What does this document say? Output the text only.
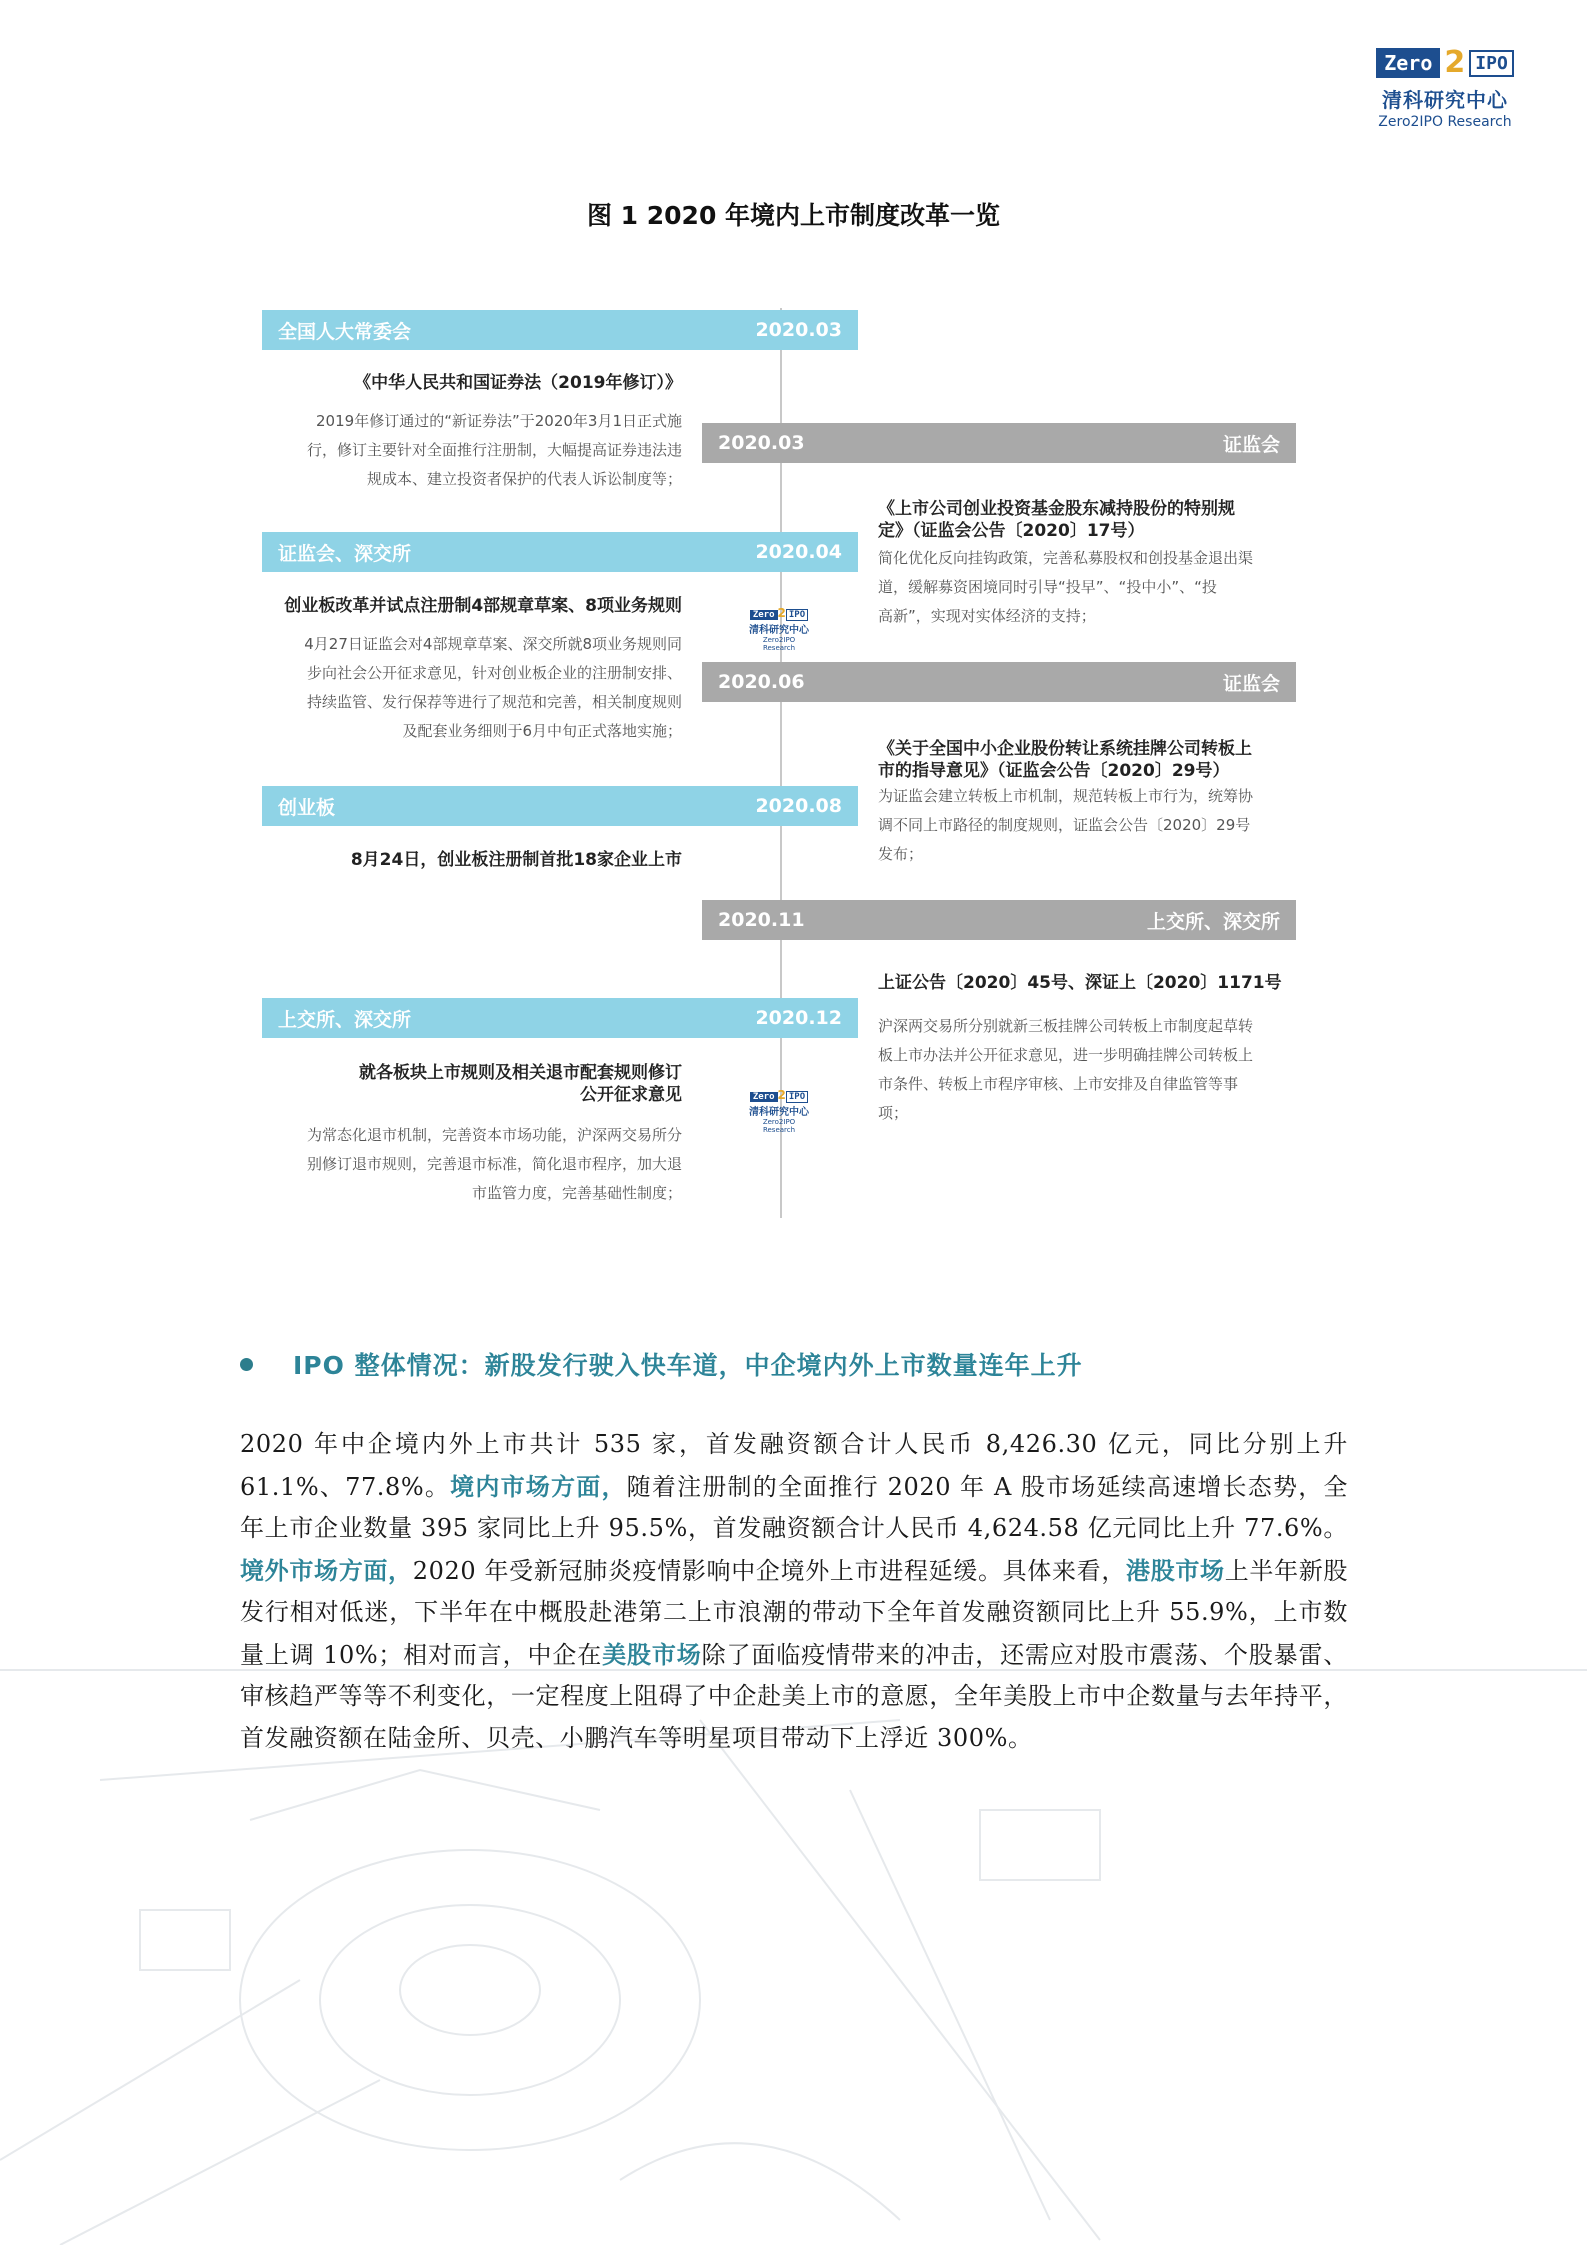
Zero 2 IPO
清科研究中心
Zero2IPO Research
图 1 2020 年境内上市制度改革一览
全国人大常委会	2020.03
《中华人民共和国证券法（2019年修订）》
2019年修订通过的“新证券法”于2020年3月1日正式施
行，修订主要针对全面推行注册制，大幅提高证券违法违
规成本、建立投资者保护的代表人诉讼制度等；
2020.03	证监会
《上市公司创业投资基金股东减持股份的特别规
定》（证监会公告〔2020〕17号）
简化优化反向挂钩政策，完善私募股权和创投基金退出渠
道，缓解募资困境同时引导“投早”、“投中小”、“投
高新”，实现对实体经济的支持；
证监会、深交所	2020.04
创业板改革并试点注册制4部规章草案、8项业务规则
4月27日证监会对4部规章草案、深交所就8项业务规则同
步向社会公开征求意见，针对创业板企业的注册制安排、
持续监管、发行保荐等进行了规范和完善，相关制度规则
及配套业务细则于6月中旬正式落地实施；
Zero 2 IPO
清科研究中心
Zero2IPO Research
2020.06	证监会
《关于全国中小企业股份转让系统挂牌公司转板上
市的指导意见》（证监会公告〔2020〕29号）
为证监会建立转板上市机制，规范转板上市行为，统筹协
调不同上市路径的制度规则，证监会公告〔2020〕29号
发布；
创业板	2020.08
8月24日，创业板注册制首批18家企业上市
2020.11	上交所、深交所
上证公告〔2020〕45号、深证上〔2020〕1171号
沪深两交易所分别就新三板挂牌公司转板上市制度起草转
板上市办法并公开征求意见，进一步明确挂牌公司转板上
市条件、转板上市程序审核、上市安排及自律监管等事
项；
上交所、深交所	2020.12
就各板块上市规则及相关退市配套规则修订
公开征求意见
为常态化退市机制，完善资本市场功能，沪深两交易所分
别修订退市规则，完善退市标准，简化退市程序，加大退
市监管力度，完善基础性制度；
Zero 2 IPO
清科研究中心
Zero2IPO Research
IPO 整体情况：新股发行驶入快车道，中企境内外上市数量连年上升
2020 年中企境内外上市共计 535 家，首发融资额合计人民币 8,426.30 亿元，同比分别上升 61.1%、77.8%。境内市场方面，随着注册制的全面推行 2020 年 A 股市场延续高速增长态势，全年上市企业数量 395 家同比上升 95.5%，首发融资额合计人民币 4,624.58 亿元同比上升 77.6%。境外市场方面，2020 年受新冠肺炎疫情影响中企境外上市进程延缓。具体来看，港股市场上半年新股发行相对低迷，下半年在中概股赴港第二上市浪潮的带动下全年首发融资额同比上升 55.9%，上市数量上调 10%；相对而言，中企在美股市场除了面临疫情带来的冲击，还需应对股市震荡、个股暴雷、审核趋严等等不利变化，一定程度上阻碍了中企赴美上市的意愿，全年美股上市中企数量与去年持平，首发融资额在陆金所、贝壳、小鹏汽车等明星项目带动下上浮近 300%。
